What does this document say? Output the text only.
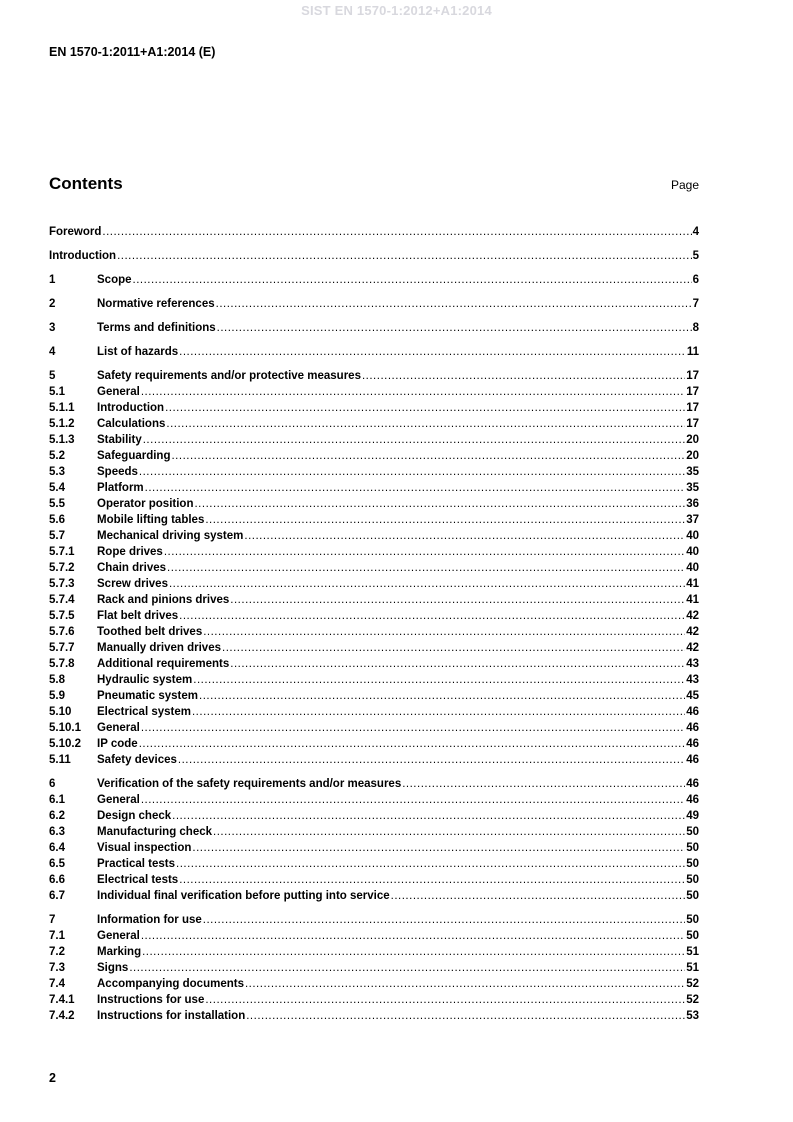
SIST EN 1570-1:2012+A1:2014
EN 1570-1:2011+A1:2014 (E)
Contents	Page
Foreword .....	4
Introduction .....	5
1	Scope .....	6
2	Normative references .....	7
3	Terms and definitions .....	8
4	List of hazards .....	11
5	Safety requirements and/or protective measures .....	17
5.1	General .....	17
5.1.1	Introduction .....	17
5.1.2	Calculations .....	17
5.1.3	Stability .....	20
5.2	Safeguarding .....	20
5.3	Speeds .....	35
5.4	Platform .....	35
5.5	Operator position .....	36
5.6	Mobile lifting tables .....	37
5.7	Mechanical driving system .....	40
5.7.1	Rope drives .....	40
5.7.2	Chain drives .....	40
5.7.3	Screw drives .....	41
5.7.4	Rack and pinions drives .....	41
5.7.5	Flat belt drives .....	42
5.7.6	Toothed belt drives .....	42
5.7.7	Manually driven drives .....	42
5.7.8	Additional requirements .....	43
5.8	Hydraulic system .....	43
5.9	Pneumatic system .....	45
5.10	Electrical system .....	46
5.10.1	General .....	46
5.10.2	IP code .....	46
5.11	Safety devices .....	46
6	Verification of the safety requirements and/or measures .....	46
6.1	General .....	46
6.2	Design check .....	49
6.3	Manufacturing check .....	50
6.4	Visual inspection .....	50
6.5	Practical tests .....	50
6.6	Electrical tests .....	50
6.7	Individual final verification before putting into service .....	50
7	Information for use .....	50
7.1	General .....	50
7.2	Marking .....	51
7.3	Signs .....	51
7.4	Accompanying documents .....	52
7.4.1	Instructions for use .....	52
7.4.2	Instructions for installation .....	53
2
